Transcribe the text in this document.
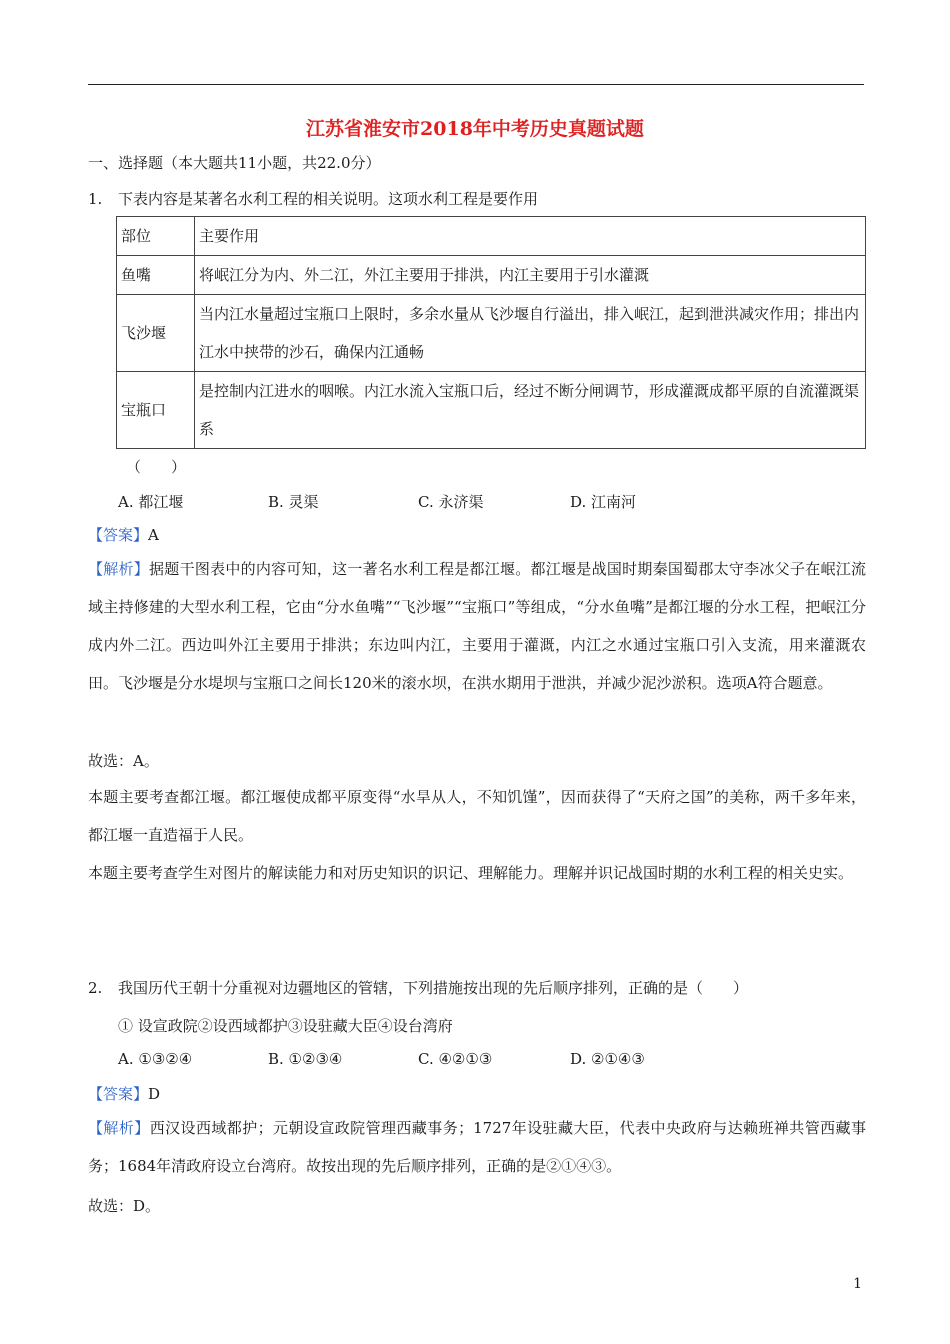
江苏省淮安市2018年中考历史真题试题
一、选择题（本大题共11小题，共22.0分）
1. 下表内容是某著名水利工程的相关说明。这项水利工程是要作用
部位	主要作用
鱼嘴	将岷江分为内、外二江，外江主要用于排洪，内江主要用于引水灌溉
飞沙堰	当内江水量超过宝瓶口上限时，多余水量从飞沙堰自行溢出，排入岷江，起到泄洪减灾作用；排出内江水中挟带的沙石，确保内江通畅
宝瓶口	是控制内江进水的咽喉。内江水流入宝瓶口后，经过不断分闸调节，形成灌溉成都平原的自流灌溉渠系
（　　）
A. 都江堰	B. 灵渠	C. 永济渠	D. 江南河
【答案】A
【解析】据题干图表中的内容可知，这一著名水利工程是都江堰。都江堰是战国时期秦国蜀郡太守李冰父子在岷江流域主持修建的大型水利工程，它由“分水鱼嘴”“飞沙堰”“宝瓶口”等组成，“分水鱼嘴”是都江堰的分水工程，把岷江分成内外二江。西边叫外江主要用于排洪；东边叫内江，主要用于灌溉，内江之水通过宝瓶口引入支流，用来灌溉农田。飞沙堰是分水堤坝与宝瓶口之间长120米的滚水坝，在洪水期用于泄洪，并减少泥沙淤积。选项A符合题意。
故选：A。
本题主要考查都江堰。都江堰使成都平原变得“水旱从人，不知饥馑”，因而获得了“天府之国”的美称，两千多年来，都江堰一直造福于人民。
本题主要考查学生对图片的解读能力和对历史知识的识记、理解能力。理解并识记战国时期的水利工程的相关史实。
2. 我国历代王朝十分重视对边疆地区的管辖，下列措施按出现的先后顺序排列，正确的是（　　）
① 设宣政院②设西域都护③设驻藏大臣④设台湾府
A. ①③②④	B. ①②③④	C. ④②①③	D. ②①④③
【答案】D
【解析】西汉设西域都护；元朝设宣政院管理西藏事务；1727年设驻藏大臣，代表中央政府与达赖班禅共管西藏事务；1684年清政府设立台湾府。故按出现的先后顺序排列，正确的是②①④③。
故选：D。
1
